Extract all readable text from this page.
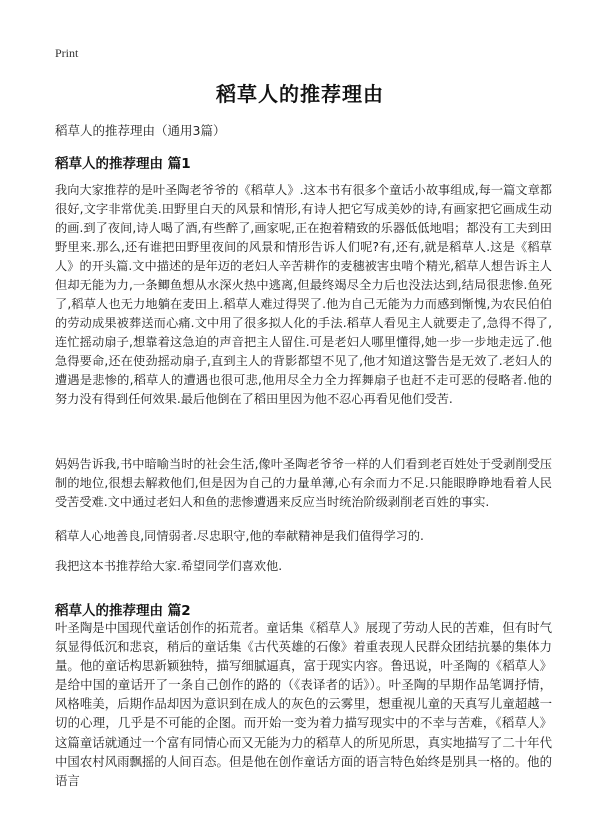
Print
稻草人的推荐理由
稻草人的推荐理由（通用3篇）
稻草人的推荐理由 篇1

我向大家推荐的是叶圣陶老爷爷的《稻草人》.这本书有很多个童话小故事组成,每一篇文章都很好,文字非常优美.田野里白天的风景和情形,有诗人把它写成美妙的诗,有画家把它画成生动的画.到了夜间,诗人喝了酒,有些醉了,画家呢,正在抱着精致的乐器低低地唱；都没有工夫到田野里来.那么,还有谁把田野里夜间的风景和情形告诉人们呢?有,还有,就是稻草人.这是《稻草人》的开头篇.文中描述的是年迈的老妇人辛苦耕作的麦穗被害虫啃个精光,稻草人想告诉主人但却无能为力,一条鲫鱼想从水深火热中逃离,但最终竭尽全力后也没法达到,结局很悲惨.鱼死了,稻草人也无力地躺在麦田上.稻草人难过得哭了.他为自己无能为力而感到惭愧,为农民伯伯的劳动成果被葬送而心痛.文中用了很多拟人化的手法.稻草人看见主人就要走了,急得不得了,连忙摇动扇子,想靠着这急迫的声音把主人留住.可是老妇人哪里懂得,她一步一步地走远了.他急得要命,还在使劲摇动扇子,直到主人的背影都望不见了,他才知道这警告是无效了.老妇人的遭遇是悲惨的,稻草人的遭遇也很可悲,他用尽全力全力挥舞扇子也赶不走可恶的侵略者.他的努力没有得到任何效果.最后他倒在了稻田里因为他不忍心再看见他们受苦.

妈妈告诉我,书中暗喻当时的社会生活,像叶圣陶老爷爷一样的人们看到老百姓处于受剥削受压制的地位,很想去解救他们,但是因为自己的力量单薄,心有余而力不足.只能眼睁睁地看着人民受苦受难.文中通过老妇人和鱼的悲惨遭遇来反应当时统治阶级剥削老百姓的事实.

稻草人心地善良,同情弱者.尽忠职守,他的奉献精神是我们值得学习的.

我把这本书推荐给大家.希望同学们喜欢他.

稻草人的推荐理由 篇2

叶圣陶是中国现代童话创作的拓荒者。童话集《稻草人》展现了劳动人民的苦难，但有时气氛显得低沉和悲哀，稍后的童话集《古代英雄的石像》着重表现人民群众团结抗暴的集体力量。他的童话构思新颖独特，描写细腻逼真，富于现实内容。鲁迅说，叶圣陶的《稻草人》是给中国的童话开了一条自己创作的路的（《表译者的话》）。叶圣陶的早期作品笔调抒情，风格唯美，后期作品却因为意识到在成人的灰色的云雾里，想重视儿童的天真写儿童超越一切的心理，几乎是不可能的企图。而开始一变为着力描写现实中的不幸与苦难，《稻草人》这篇童话就通过一个富有同情心而又无能为力的稻草人的所见所思，真实地描写了二十年代中国农村风雨飘摇的人间百态。但是他在创作童话方面的语言特色始终是别具一格的。他的语言
